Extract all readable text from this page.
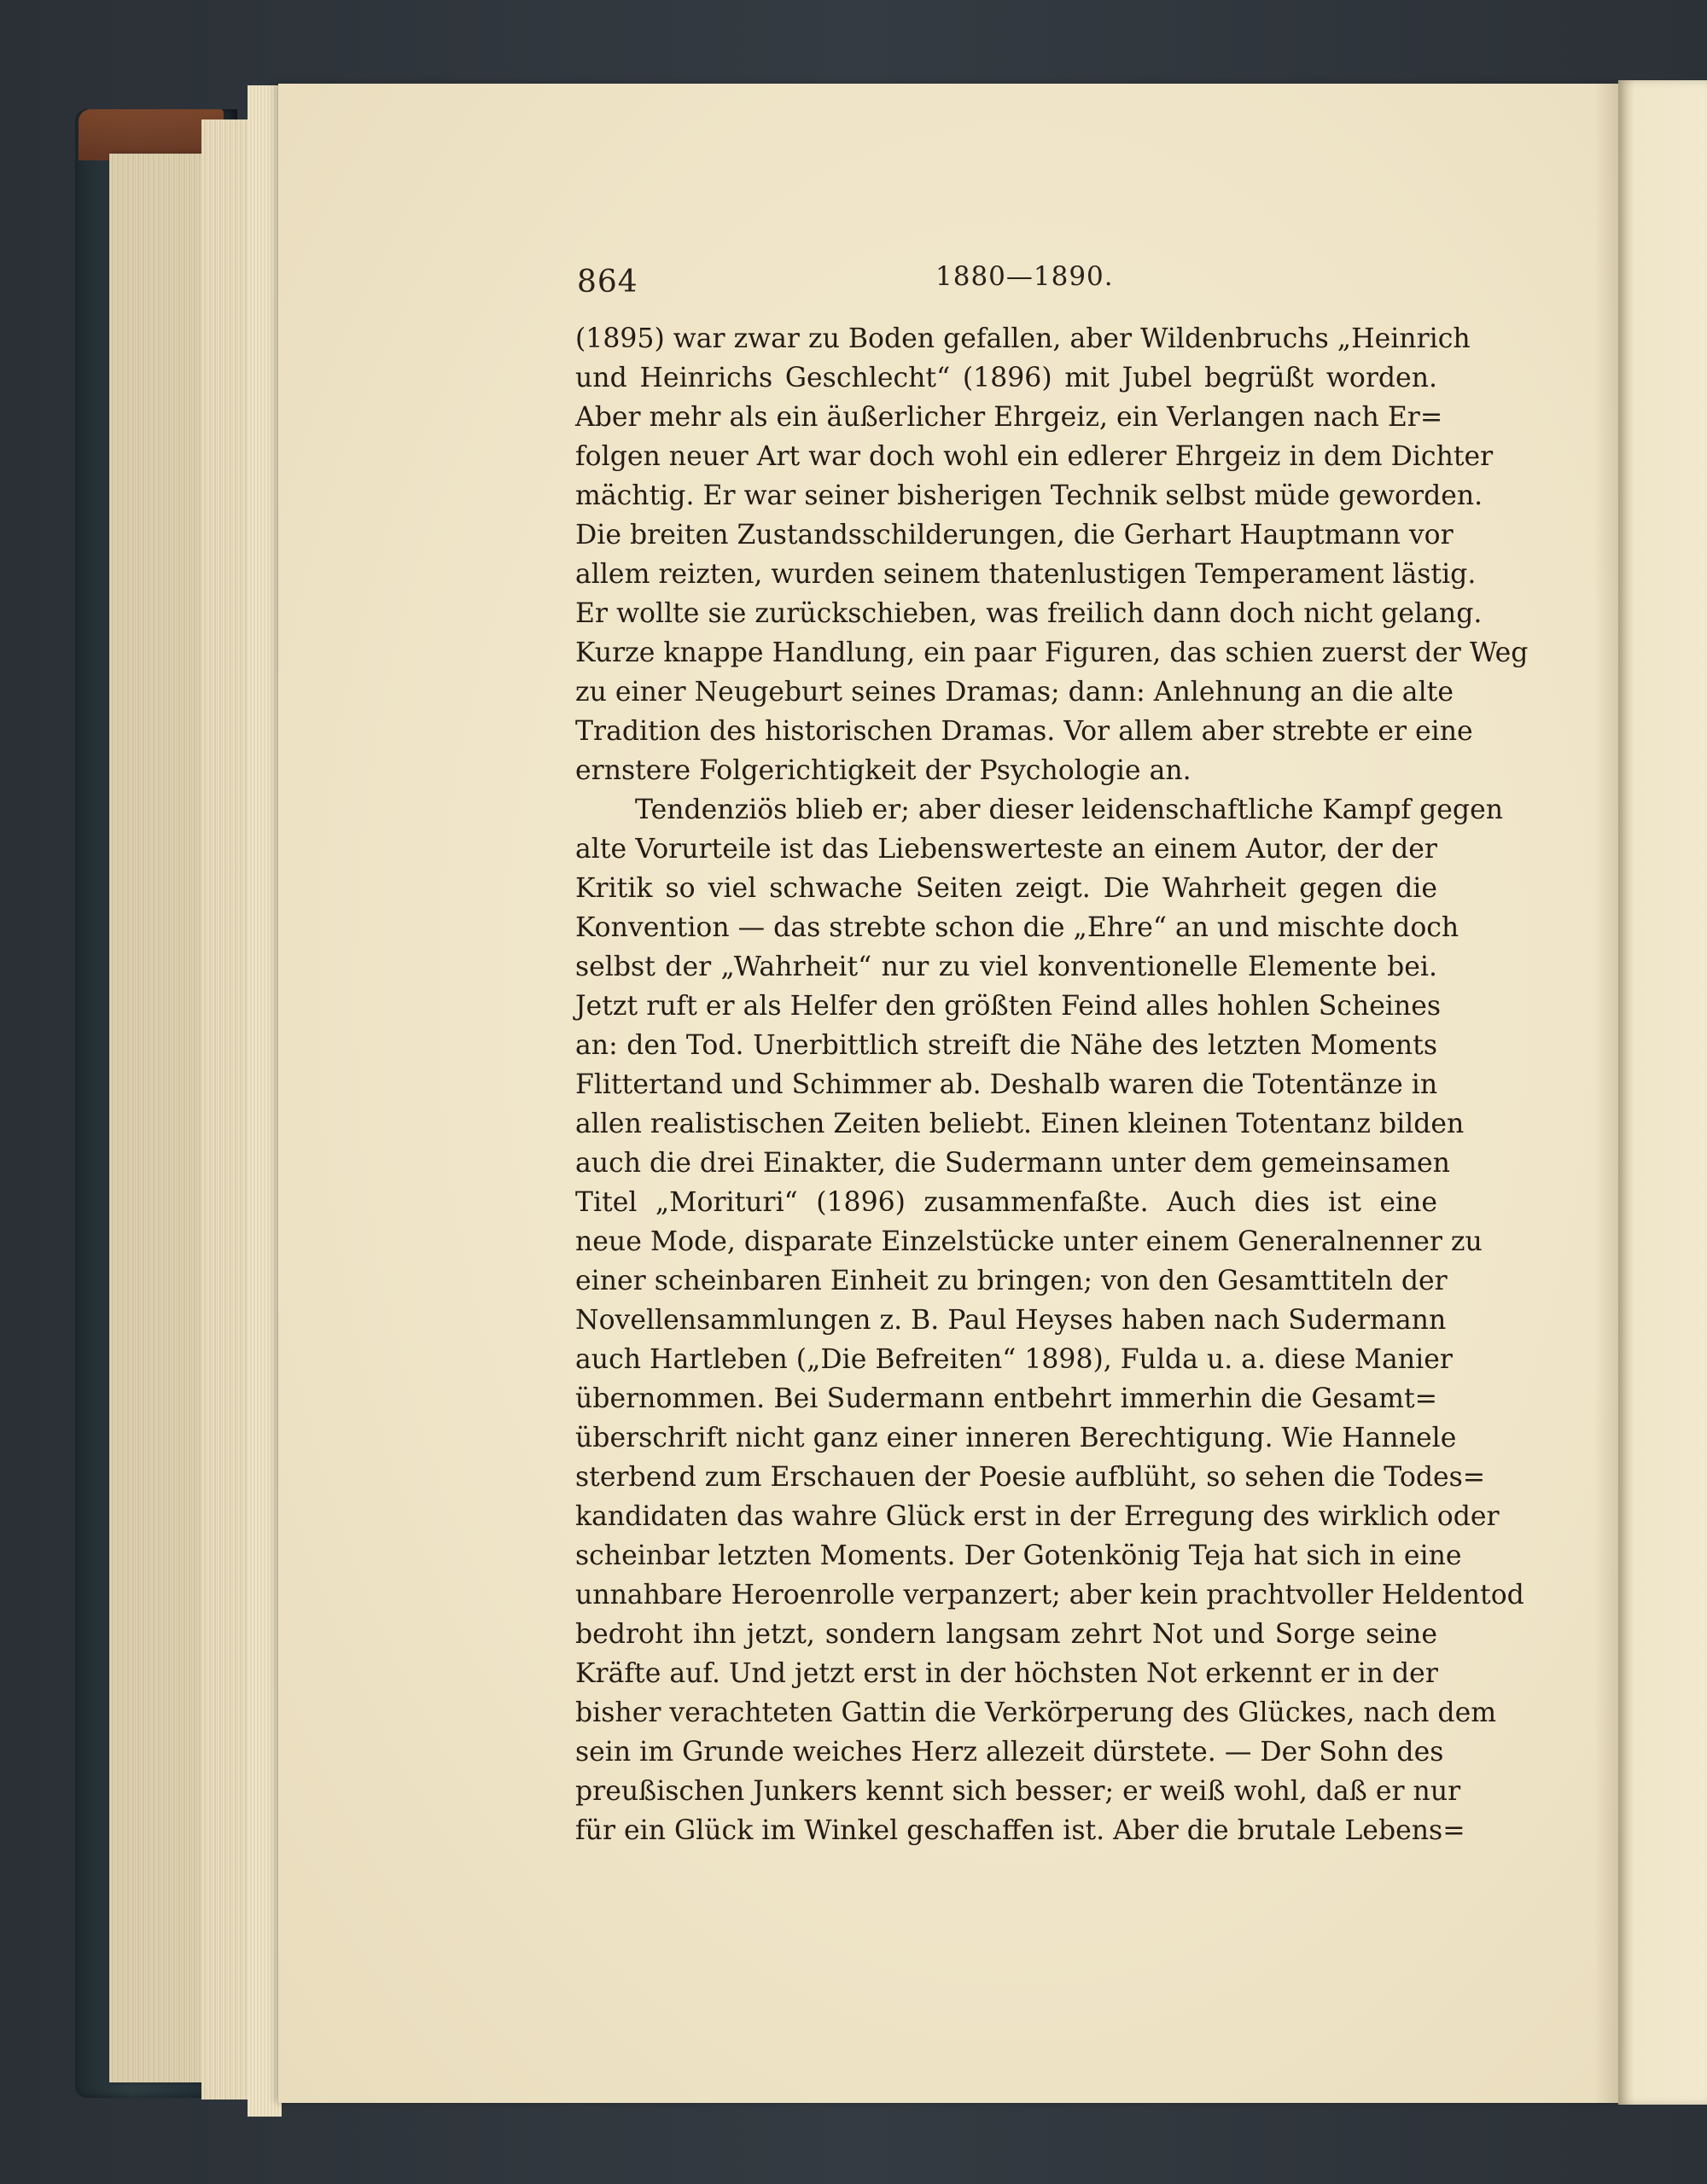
864	1880—1890.
(1895) war zwar zu Boden gefallen, aber Wildenbruchs „Heinrich
und Heinrichs Geschlecht“ (1896) mit Jubel begrüßt worden.
Aber mehr als ein äußerlicher Ehrgeiz, ein Verlangen nach Er=
folgen neuer Art war doch wohl ein edlerer Ehrgeiz in dem Dichter
mächtig. Er war seiner bisherigen Technik selbst müde geworden.
Die breiten Zustandsschilderungen, die Gerhart Hauptmann vor
allem reizten, wurden seinem thatenlustigen Temperament lästig.
Er wollte sie zurückschieben, was freilich dann doch nicht gelang.
Kurze knappe Handlung, ein paar Figuren, das schien zuerst der Weg
zu einer Neugeburt seines Dramas; dann: Anlehnung an die alte
Tradition des historischen Dramas. Vor allem aber strebte er eine
ernstere Folgerichtigkeit der Psychologie an.
Tendenziös blieb er; aber dieser leidenschaftliche Kampf gegen
alte Vorurteile ist das Liebenswerteste an einem Autor, der der
Kritik so viel schwache Seiten zeigt. Die Wahrheit gegen die
Konvention — das strebte schon die „Ehre“ an und mischte doch
selbst der „Wahrheit“ nur zu viel konventionelle Elemente bei.
Jetzt ruft er als Helfer den größten Feind alles hohlen Scheines
an: den Tod. Unerbittlich streift die Nähe des letzten Moments
Flittertand und Schimmer ab. Deshalb waren die Totentänze in
allen realistischen Zeiten beliebt. Einen kleinen Totentanz bilden
auch die drei Einakter, die Sudermann unter dem gemeinsamen
Titel „Morituri“ (1896) zusammenfaßte. Auch dies ist eine
neue Mode, disparate Einzelstücke unter einem Generalnenner zu
einer scheinbaren Einheit zu bringen; von den Gesamttiteln der
Novellensammlungen z. B. Paul Heyses haben nach Sudermann
auch Hartleben („Die Befreiten“ 1898), Fulda u. a. diese Manier
übernommen. Bei Sudermann entbehrt immerhin die Gesamt=
überschrift nicht ganz einer inneren Berechtigung. Wie Hannele
sterbend zum Erschauen der Poesie aufblüht, so sehen die Todes=
kandidaten das wahre Glück erst in der Erregung des wirklich oder
scheinbar letzten Moments. Der Gotenkönig Teja hat sich in eine
unnahbare Heroenrolle verpanzert; aber kein prachtvoller Heldentod
bedroht ihn jetzt, sondern langsam zehrt Not und Sorge seine
Kräfte auf. Und jetzt erst in der höchsten Not erkennt er in der
bisher verachteten Gattin die Verkörperung des Glückes, nach dem
sein im Grunde weiches Herz allezeit dürstete. — Der Sohn des
preußischen Junkers kennt sich besser; er weiß wohl, daß er nur
für ein Glück im Winkel geschaffen ist. Aber die brutale Lebens=
